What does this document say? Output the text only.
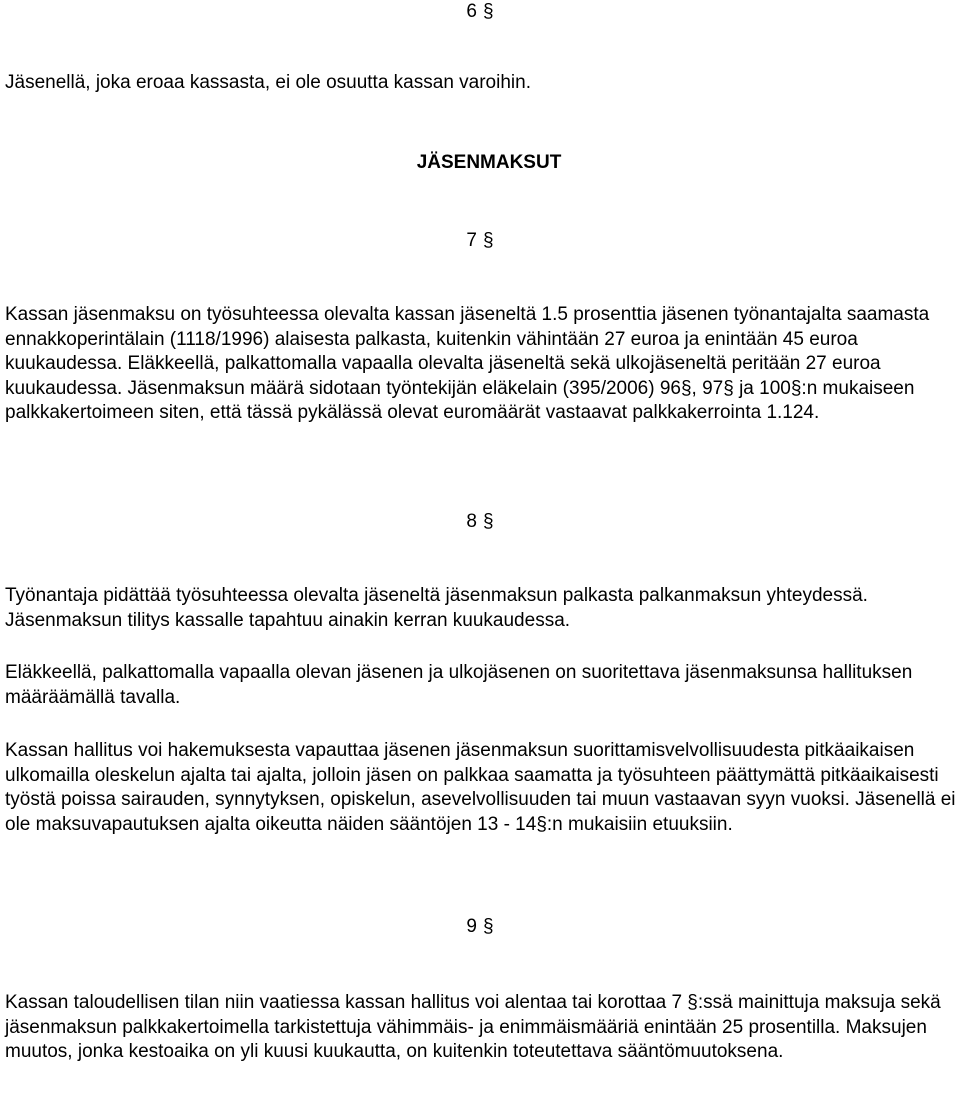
6 §

Jäsenellä, joka eroaa kassasta, ei ole osuutta kassan varoihin.

JÄSENMAKSUT

7 §

Kassan jäsenmaksu on työsuhteessa olevalta kassan jäseneltä 1.5 prosenttia jäsenen työnantajalta saamasta ennakkoperintälain (1118/1996) alaisesta palkasta, kuitenkin vähintään 27 euroa ja enintään 45 euroa kuukaudessa. Eläkkeellä, palkattomalla vapaalla olevalta jäseneltä sekä ulkojäseneltä peritään 27 euroa kuukaudessa. Jäsenmaksun määrä sidotaan työntekijän eläkelain (395/2006) 96§, 97§ ja 100§:n mukaiseen palkkakertoimeen siten, että tässä pykälässä olevat euromäärät vastaavat palkkakerrointa 1.124.

8 §

Työnantaja pidättää työsuhteessa olevalta jäseneltä jäsenmaksun palkasta palkanmaksun yhteydessä. Jäsenmaksun tilitys kassalle tapahtuu ainakin kerran kuukaudessa.

Eläkkeellä, palkattomalla vapaalla olevan jäsenen ja ulkojäsenen on suoritettava jäsenmaksunsa hallituksen määräämällä tavalla.

Kassan hallitus voi hakemuksesta vapauttaa jäsenen jäsenmaksun suorittamisvelvollisuudesta pitkäaikaisen ulkomailla oleskelun ajalta tai ajalta, jolloin jäsen on palkkaa saamatta ja työsuhteen päättymättä pitkäaikaisesti työstä poissa sairauden, synnytyksen, opiskelun, asevelvollisuuden tai muun vastaavan syyn vuoksi. Jäsenellä ei ole maksuvapautuksen ajalta oikeutta näiden sääntöjen 13 - 14§:n mukaisiin etuuksiin.

9 §

Kassan taloudellisen tilan niin vaatiessa kassan hallitus voi alentaa tai korottaa 7 §:ssä mainittuja maksuja sekä jäsenmaksun palkkakertoimella tarkistettuja vähimmäis- ja enimmäismääriä enintään 25 prosentilla. Maksujen muutos, jonka kestoaika on yli kuusi kuukautta, on kuitenkin toteutettava sääntömuutoksena.
